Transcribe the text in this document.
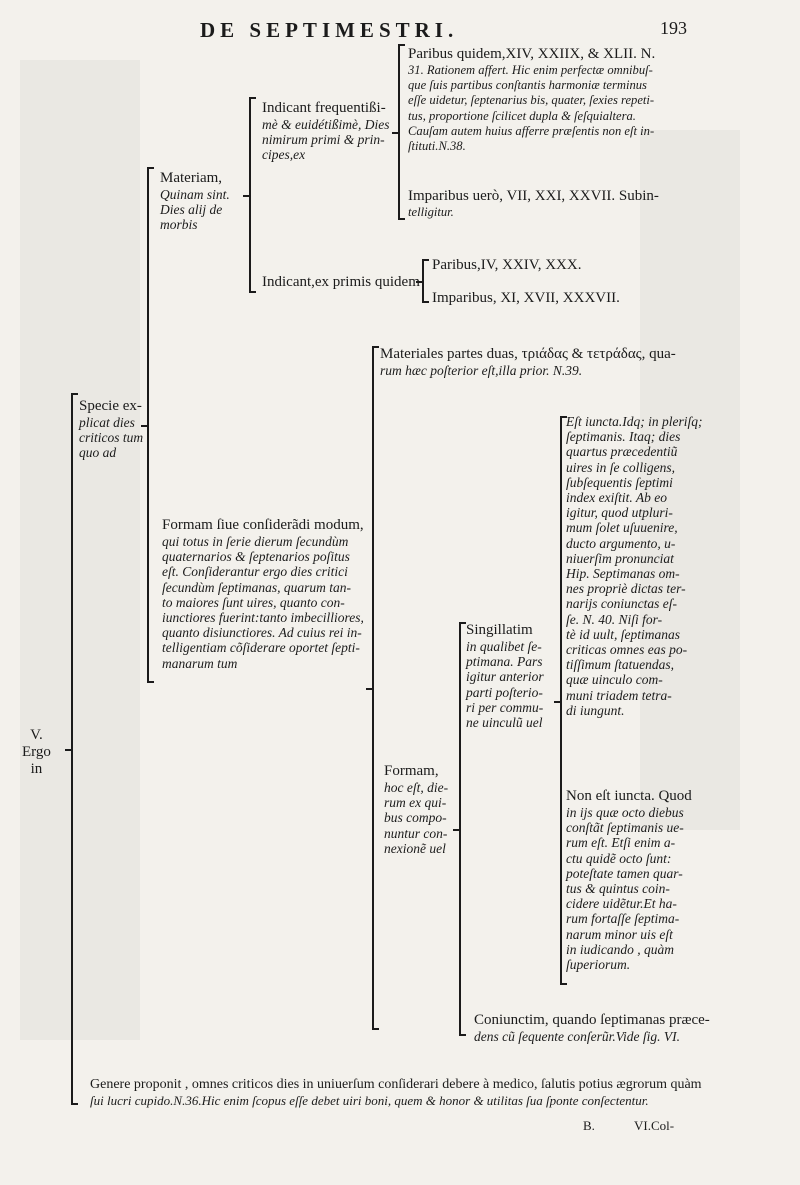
DE SEPTIMESTRI.	193
V.
Ergo
in
Specie ex-
plicat dies
criticos tum
quo ad
Materiam,
Quinam sint.
Dies alij de
morbis
Indicant frequentißi-
mè & euidétißimè, Dies
nimirum primi & prin-
cipes,ex
Paribus quidem,XIV, XXIIX, & XLII. N.
31. Rationem affert. Hic enim perfectæ omnibuſ-
que ſuis partibus conſtantis harmoniæ terminus
eſſe uidetur, ſeptenarius bis, quater, ſexies repeti-
tus, proportione ſcilicet dupla & ſeſquialtera.
Cauſam autem huius afferre præſentis non eſt in-
ſtituti.N.38.
Imparibus uerò, VII, XXI, XXVII. Subin-
telligitur.
Indicant,ex primis quidem
Paribus,IV, XXIV, XXX.
Imparibus, XI, XVII, XXXVII.
Formam ſiue conſiderãdi modum,
qui totus in ſerie dierum ſecundùm
quaternarios & ſeptenarios poſitus
eſt. Conſiderantur ergo dies critici
ſecundùm ſeptimanas, quarum tan-
to maiores ſunt uires, quanto con-
iunctiores fuerint:tanto imbecilliores,
quanto disiunctiores. Ad cuius rei in-
telligentiam cõſiderare oportet ſepti-
manarum tum
Materiales partes duas, τριάδας & τετράδας, qua-
rum hæc poſterior eſt,illa prior. N.39.
Formam,
hoc eſt, die-
rum ex qui-
bus compo-
nuntur con-
nexionẽ uel
Singillatim
in qualibet ſe-
ptimana. Pars
igitur anterior
parti poſterio-
ri per commu-
ne uinculũ uel
Eſt iuncta.Idq; in pleriſq;
ſeptimanis. Itaq; dies
quartus præcedentiũ
uires in ſe colligens,
ſubſequentis ſeptimi
index exiſtit. Ab eo
igitur, quod utpluri-
mum ſolet uſuuenire,
ducto argumento, u-
niuerſim pronunciat
Hip. Septimanas om-
nes propriè dictas ter-
narijs coniunctas eſ-
ſe. N. 40. Niſi for-
tè id uult, ſeptimanas
criticas omnes eas po-
tiſſimum ſtatuendas,
quæ uinculo com-
muni triadem tetra-
di iungunt.
Non eſt iuncta. Quod
in ijs quæ octo diebus
conſtãt ſeptimanis ue-
rum eſt. Etſi enim a-
ctu quidẽ octo ſunt:
poteſtate tamen quar-
tus & quintus coin-
cidere uidẽtur.Et ha-
rum fortaſſe ſeptima-
narum minor uis eſt
in iudicando , quàm
ſuperiorum.
Coniunctim, quando ſeptimanas præce-
dens cũ ſequente conſerũr.Vide ſig. VI.
Genere proponit , omnes criticos dies in uniuerſum conſiderari debere à medico, ſalutis potius ægrorum quàm
ſui lucri cupido.N.36.Hic enim ſcopus eſſe debet uiri boni, quem & honor & utilitas ſua ſponte conſectentur.
B.	VI.Col-
